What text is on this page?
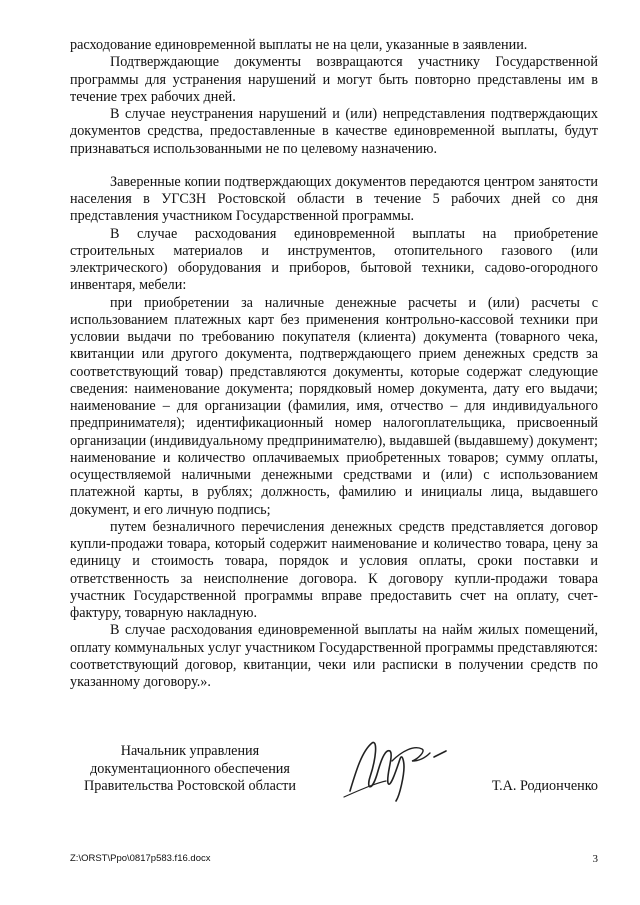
расходование единовременной выплаты не на цели, указанные в заявлении.

Подтверждающие документы возвращаются участнику Государственной программы для устранения нарушений и могут быть повторно представлены им в течение трех рабочих дней.

В случае неустранения нарушений и (или) непредставления подтверждающих документов средства, предоставленные в качестве единовременной выплаты, будут признаваться использованными не по целевому назначению.

Заверенные копии подтверждающих документов передаются центром занятости населения в УГСЗН Ростовской области в течение 5 рабочих дней со дня представления участником Государственной программы.

В случае расходования единовременной выплаты на приобретение строительных материалов и инструментов, отопительного газового (или электрического) оборудования и приборов, бытовой техники, садово-огородного инвентаря, мебели:

при приобретении за наличные денежные расчеты и (или) расчеты с использованием платежных карт без применения контрольно-кассовой техники при условии выдачи по требованию покупателя (клиента) документа (товарного чека, квитанции или другого документа, подтверждающего прием денежных средств за соответствующий товар) представляются документы, которые содержат следующие сведения: наименование документа; порядковый номер документа, дату его выдачи; наименование – для организации (фамилия, имя, отчество – для индивидуального предпринимателя); идентификационный номер налогоплательщика, присвоенный организации (индивидуальному предпринимателю), выдавшей (выдавшему) документ; наименование и количество оплачиваемых приобретенных товаров; сумму оплаты, осуществляемой наличными денежными средствами и (или) с использованием платежной карты, в рублях; должность, фамилию и инициалы лица, выдавшего документ, и его личную подпись;

путем безналичного перечисления денежных средств представляется договор купли-продажи товара, который содержит наименование и количество товара, цену за единицу и стоимость товара, порядок и условия оплаты, сроки поставки и ответственность за неисполнение договора. К договору купли-продажи товара участник Государственной программы вправе предоставить счет на оплату, счет-фактуру, товарную накладную.

В случае расходования единовременной выплаты на найм жилых помещений, оплату коммунальных услуг участником Государственной программы представляются: соответствующий договор, квитанции, чеки или расписки в получении средств по указанному договору.».

Начальник управления
документационного обеспечения
Правительства Ростовской области	Т.А. Родионченко
Z:\ORST\Ppo\0817p583.f16.docx	3
